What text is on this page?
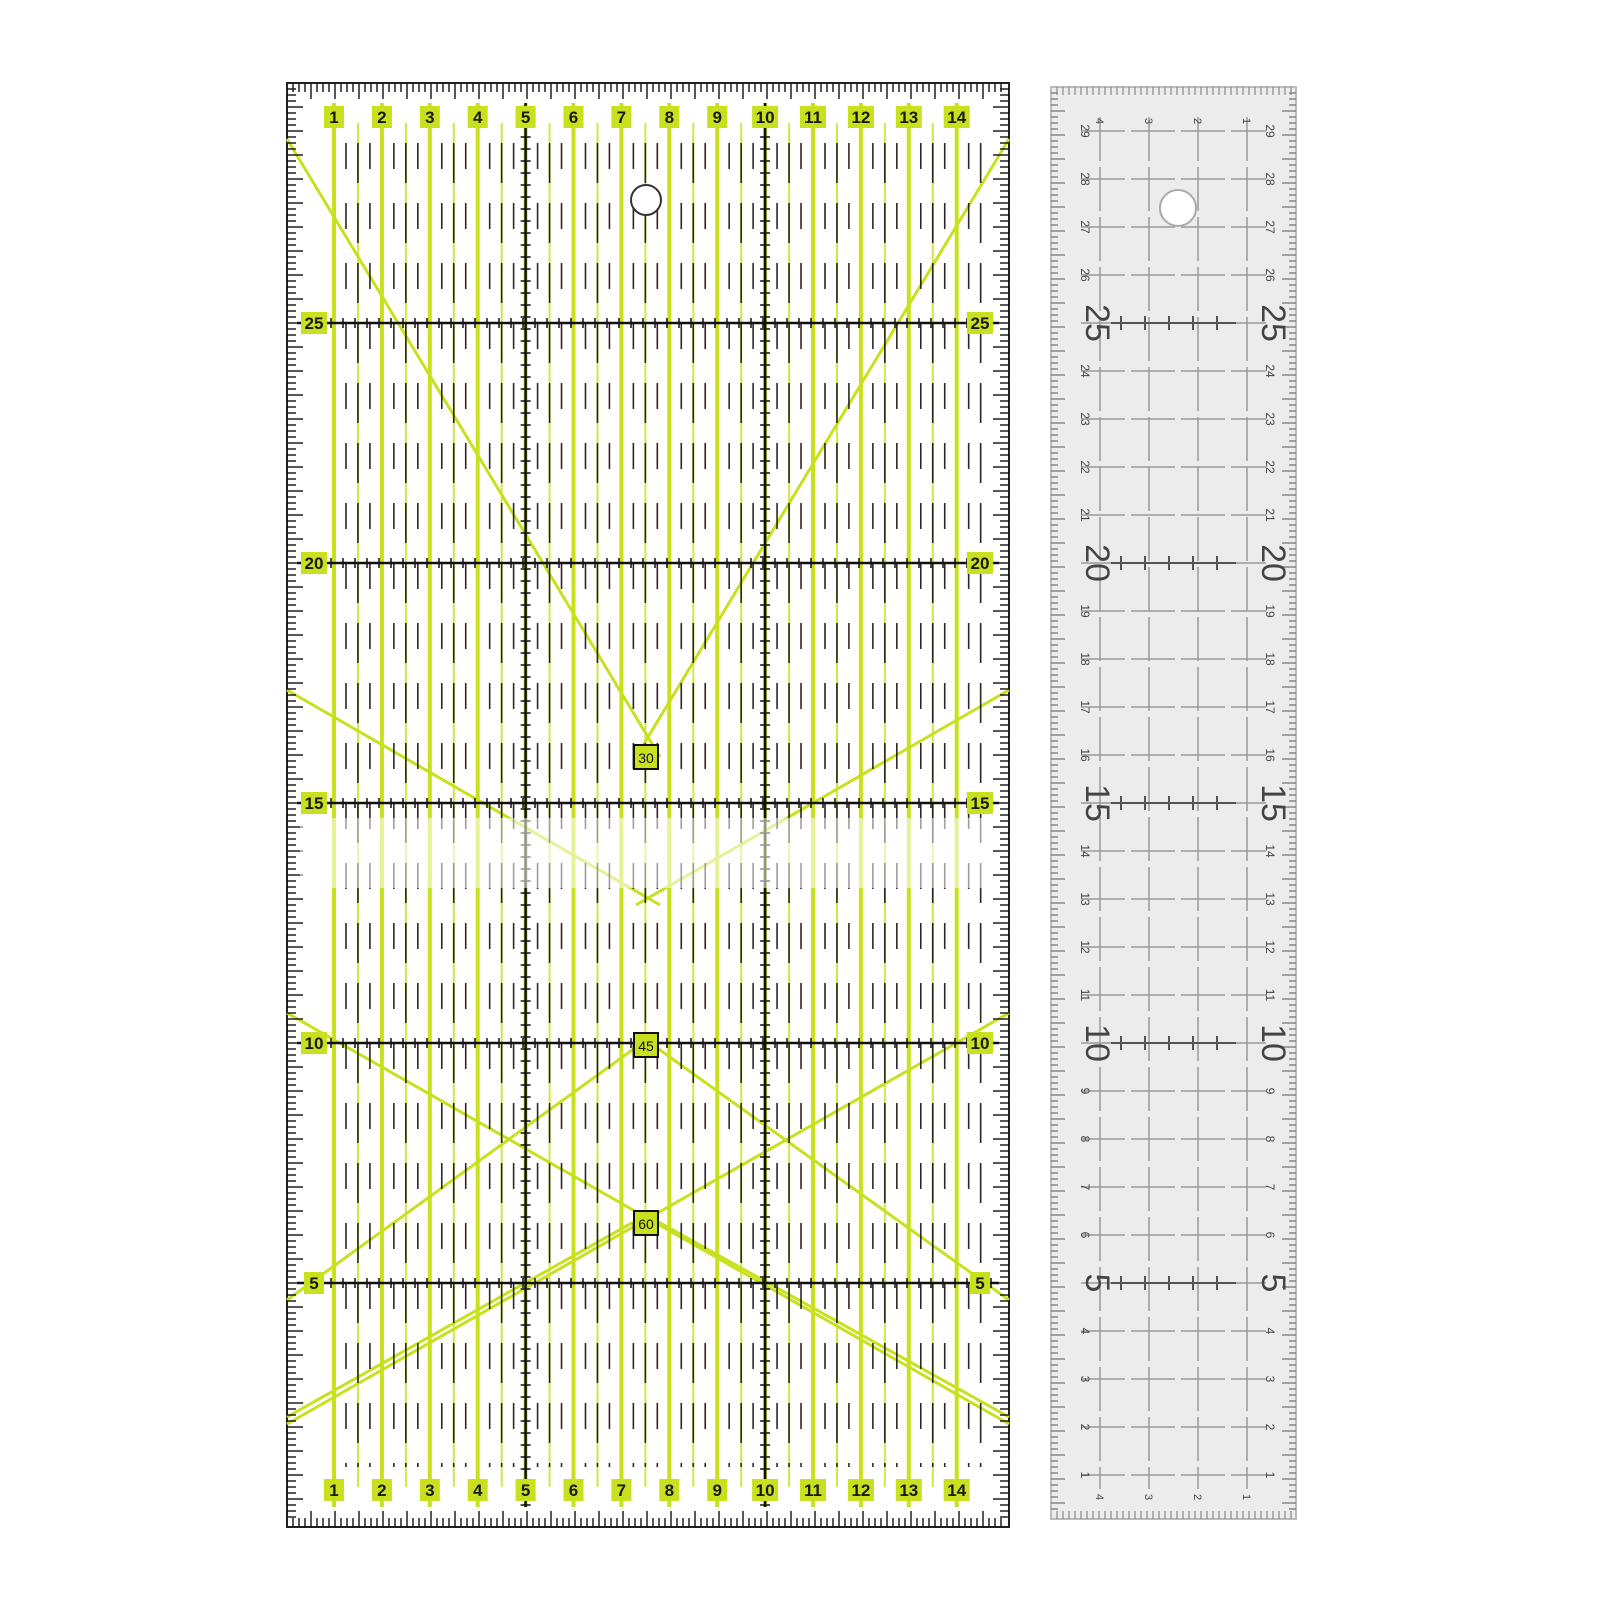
1
1
2
2
3
3
4
4
5
5
6
6
7
7
8
8
9
9
10
10
11
11
12
12
13
13
14
14
25	25
20	20
15	15
10	10
5	5
30
45
60
25	25
20	20
15	15
10	10
5	5
29	29
28	28
27	27
26	26
24	24
23	23
22	22
21	21
19	19
18	18
17	17
16	16
14	14
13	13
12	12
11	11
9	9
8	8
7	7
6	6
4	4
3	3
2	2
1	1
4
4
3
3
2
2
1
1
